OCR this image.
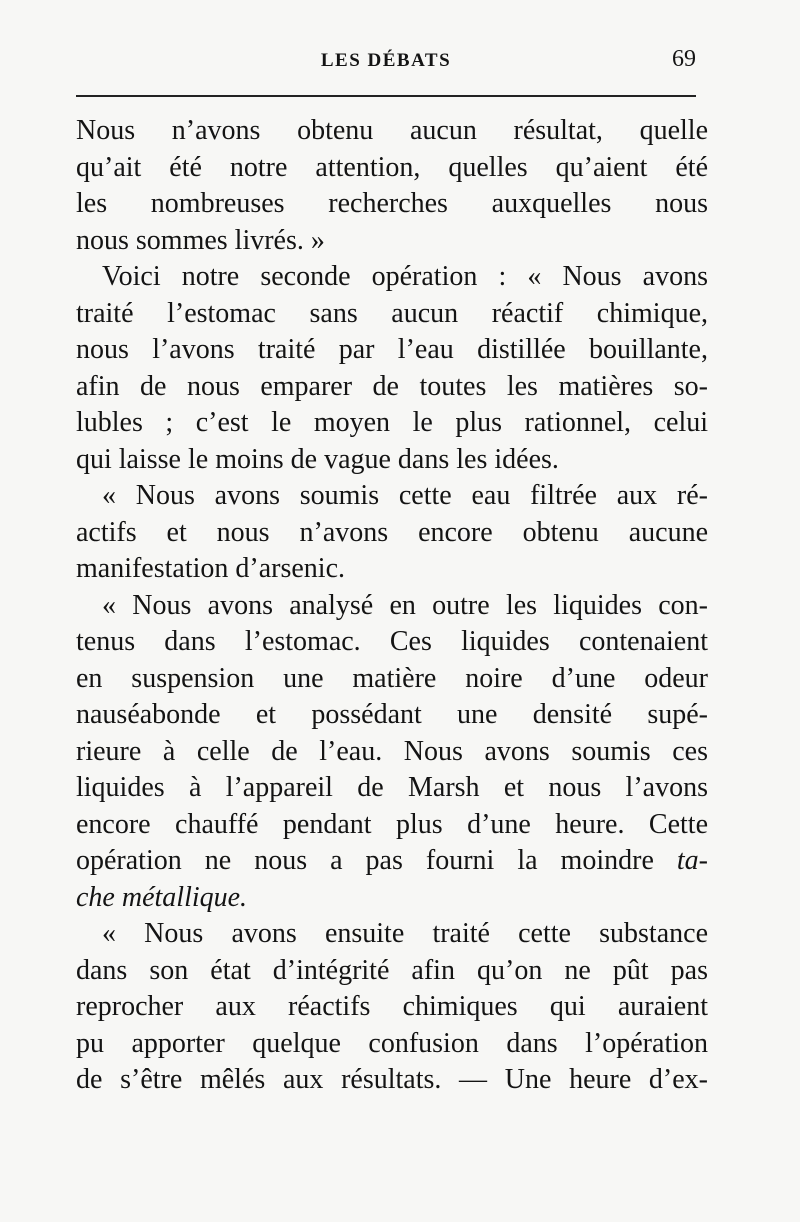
LES DÉBATS	69
Nous n’avons obtenu aucun résultat, quelle
qu’ait été notre attention, quelles qu’aient été
les nombreuses recherches auxquelles nous
nous sommes livrés. »
Voici notre seconde opération : « Nous avons
traité l’estomac sans aucun réactif chimique,
nous l’avons traité par l’eau distillée bouillante,
afin de nous emparer de toutes les matières so-
lubles ; c’est le moyen le plus rationnel, celui
qui laisse le moins de vague dans les idées.
« Nous avons soumis cette eau filtrée aux ré-
actifs et nous n’avons encore obtenu aucune
manifestation d’arsenic.
« Nous avons analysé en outre les liquides con-
tenus dans l’estomac. Ces liquides contenaient
en suspension une matière noire d’une odeur
nauséabonde et possédant une densité supé-
rieure à celle de l’eau. Nous avons soumis ces
liquides à l’appareil de Marsh et nous l’avons
encore chauffé pendant plus d’une heure. Cette
opération ne nous a pas fourni la moindre ta-
che métallique.
« Nous avons ensuite traité cette substance
dans son état d’intégrité afin qu’on ne pût pas
reprocher aux réactifs chimiques qui auraient
pu apporter quelque confusion dans l’opération
de s’être mêlés aux résultats. — Une heure d’ex-
